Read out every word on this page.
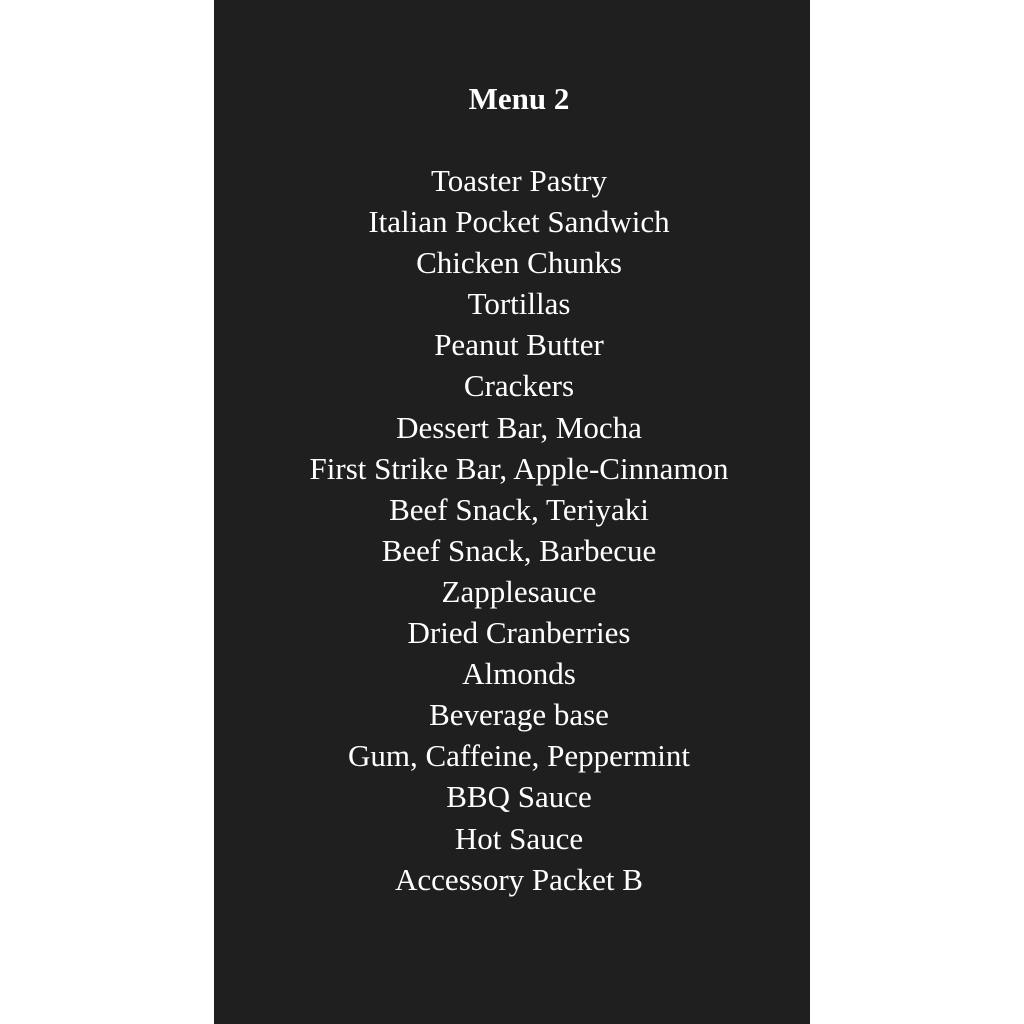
Menu 2
Toaster Pastry
Italian Pocket Sandwich
Chicken Chunks
Tortillas
Peanut Butter
Crackers
Dessert Bar, Mocha
First Strike Bar, Apple-Cinnamon
Beef Snack, Teriyaki
Beef Snack, Barbecue
Zapplesauce
Dried Cranberries
Almonds
Beverage base
Gum, Caffeine, Peppermint
BBQ Sauce
Hot Sauce
Accessory Packet B
